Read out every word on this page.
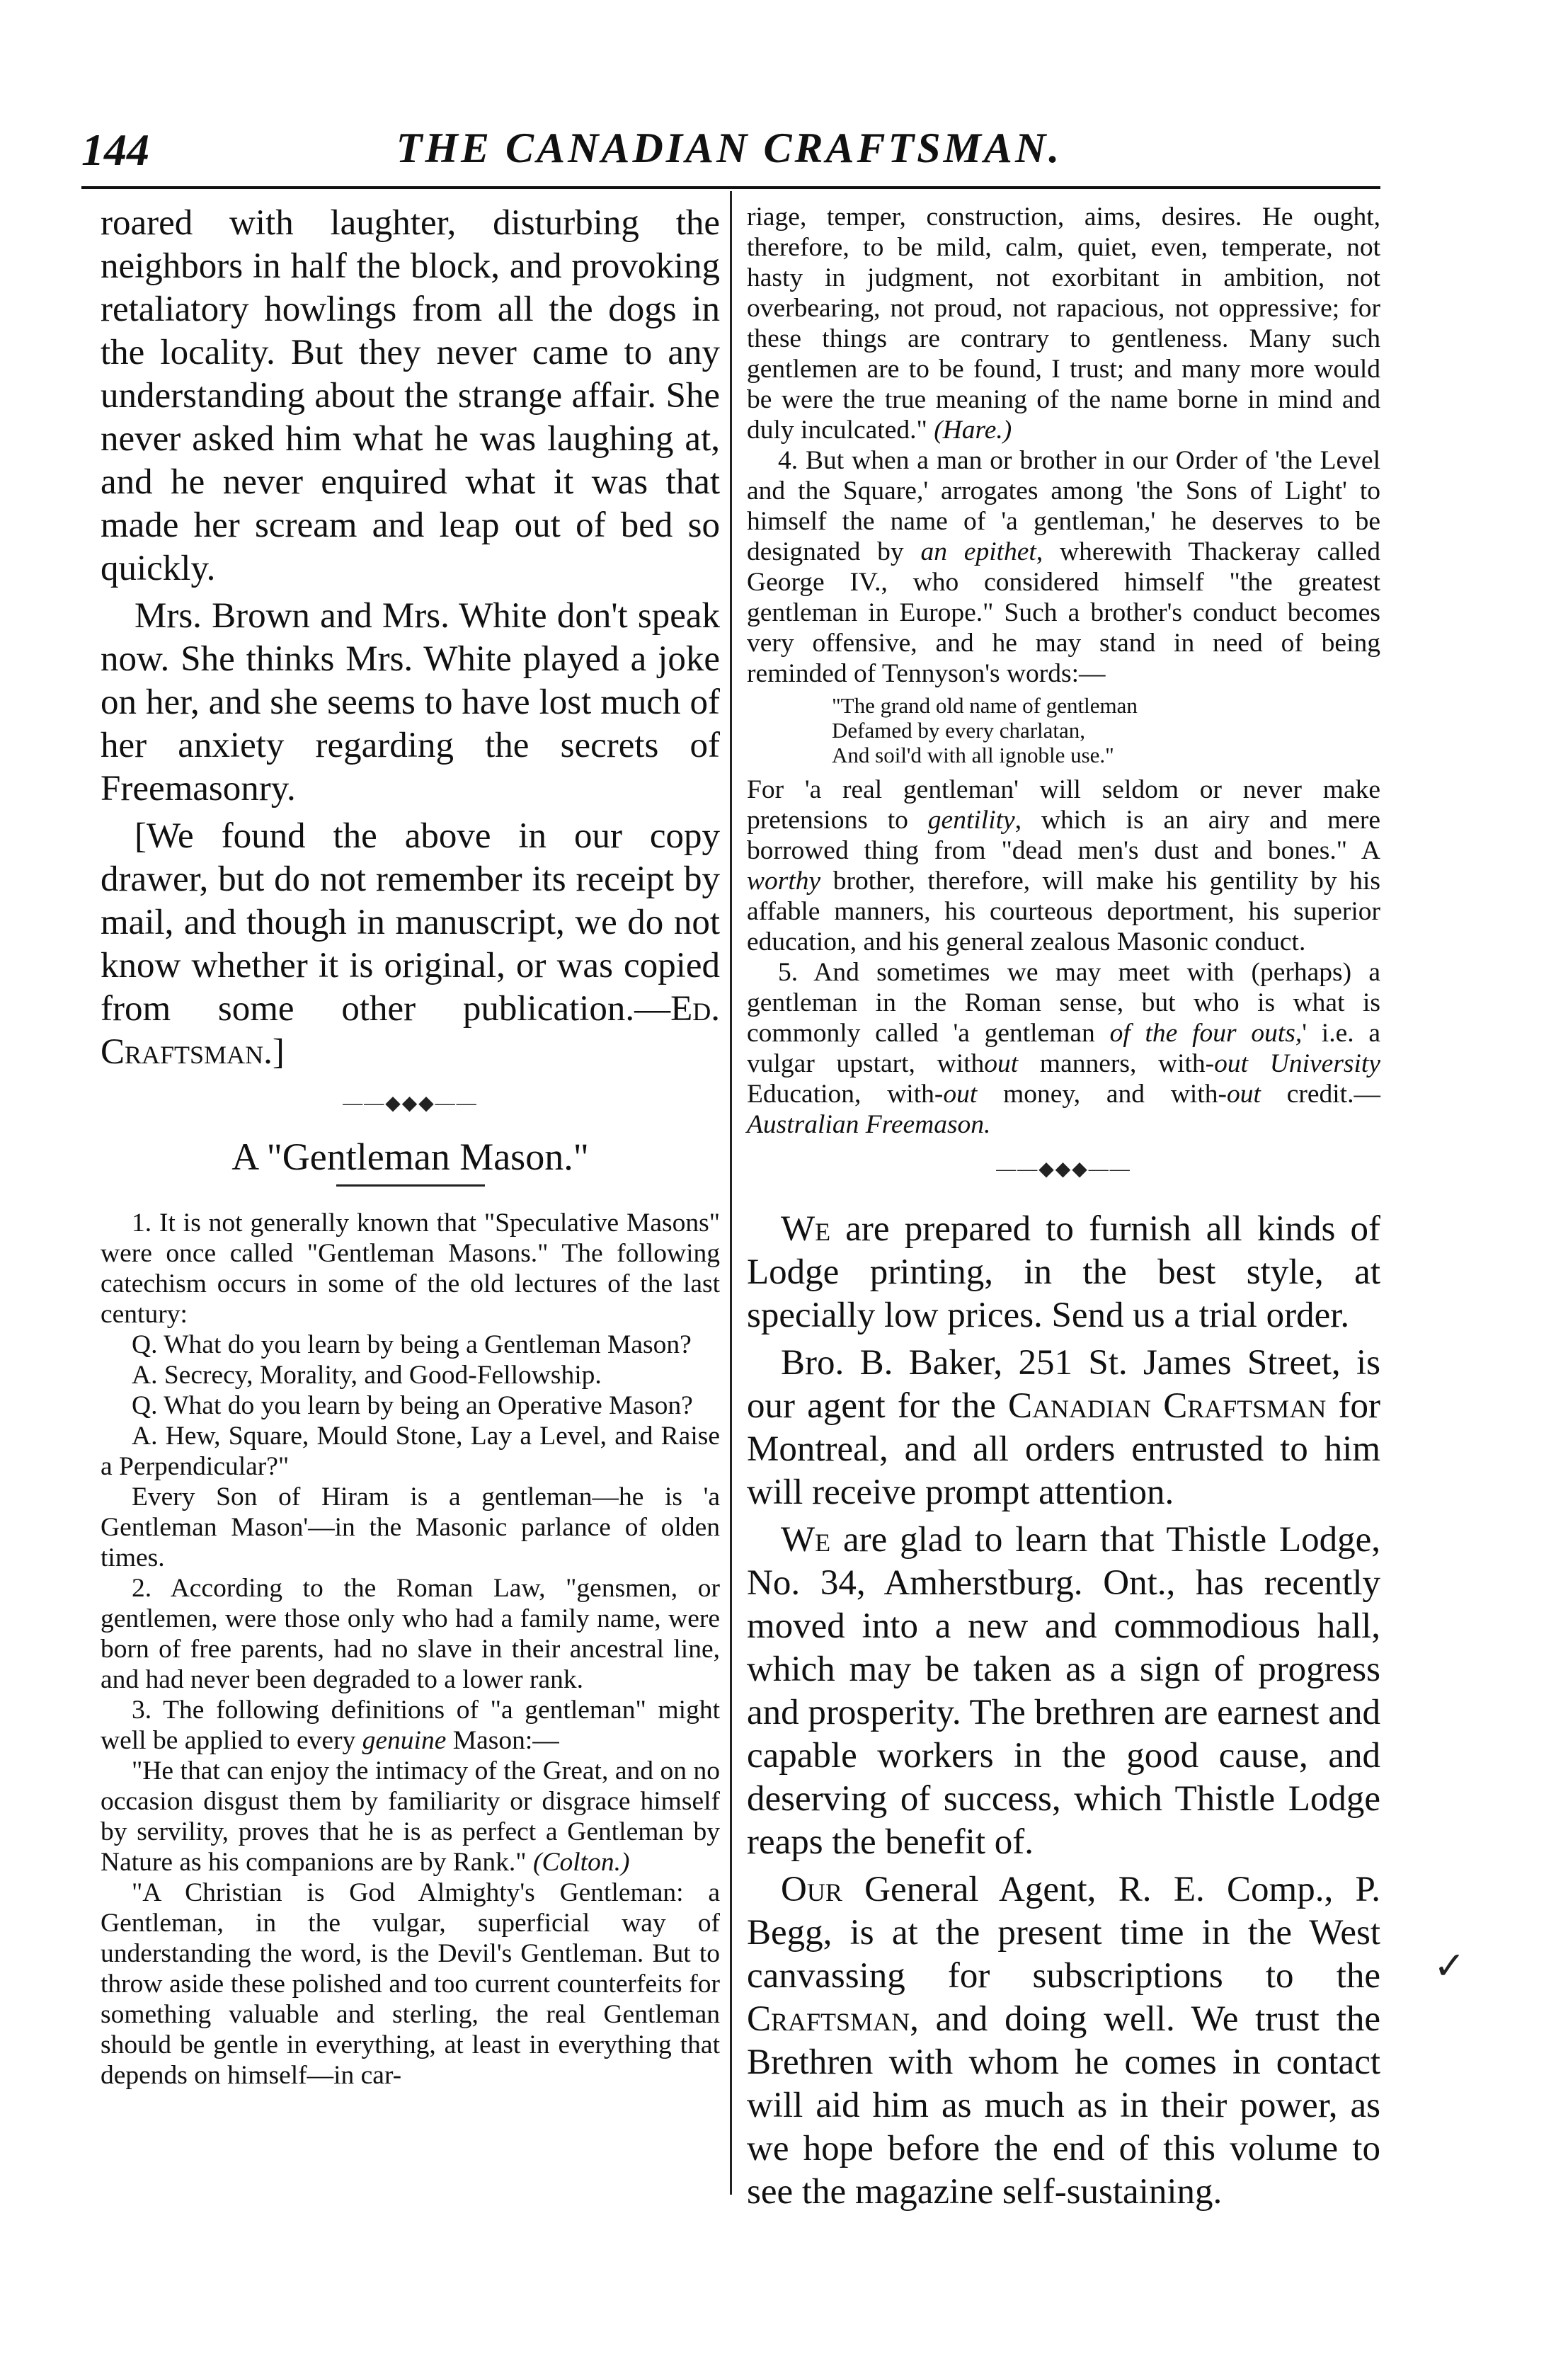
144	THE CANADIAN CRAFTSMAN.

roared with laughter, disturbing the neighbors in half the block, and provoking retaliatory howlings from all the dogs in the locality. But they never came to any understanding about the strange affair. She never asked him what he was laughing at, and he never enquired what it was that made her scream and leap out of bed so quickly.

Mrs. Brown and Mrs. White don't speak now. She thinks Mrs. White played a joke on her, and she seems to have lost much of her anxiety regarding the secrets of Freemasonry.

[We found the above in our copy drawer, but do not remember its receipt by mail, and though in manuscript, we do not know whether it is original, or was copied from some other publication.—Ed. Craftsman.]

——◆◆◆——
A "Gentleman Mason."

1. It is not generally known that "Speculative Masons" were once called "Gentleman Masons." The following catechism occurs in some of the old lectures of the last century:

Q. What do you learn by being a Gentleman Mason?

A. Secrecy, Morality, and Good-Fellowship.

Q. What do you learn by being an Operative Mason?

A. Hew, Square, Mould Stone, Lay a Level, and Raise a Perpendicular?"

Every Son of Hiram is a gentleman—he is 'a Gentleman Mason'—in the Masonic parlance of olden times.

2. According to the Roman Law, "gensmen, or gentlemen, were those only who had a family name, were born of free parents, had no slave in their ancestral line, and had never been degraded to a lower rank.

3. The following definitions of "a gentleman" might well be applied to every genuine Mason:—

"He that can enjoy the intimacy of the Great, and on no occasion disgust them by familiarity or disgrace himself by servility, proves that he is as perfect a Gentleman by Nature as his companions are by Rank." (Colton.)

"A Christian is God Almighty's Gentleman: a Gentleman, in the vulgar, superficial way of understanding the word, is the Devil's Gentleman. But to throw aside these polished and too current counterfeits for something valuable and sterling, the real Gentleman should be gentle in everything, at least in everything that depends on himself—in car-

riage, temper, construction, aims, desires. He ought, therefore, to be mild, calm, quiet, even, temperate, not hasty in judgment, not exorbitant in ambition, not overbearing, not proud, not rapacious, not oppressive; for these things are contrary to gentleness. Many such gentlemen are to be found, I trust; and many more would be were the true meaning of the name borne in mind and duly inculcated." (Hare.)

4. But when a man or brother in our Order of 'the Level and the Square,' arrogates among 'the Sons of Light' to himself the name of 'a gentleman,' he deserves to be designated by an epithet, wherewith Thackeray called George IV., who considered himself "the greatest gentleman in Europe." Such a brother's conduct becomes very offensive, and he may stand in need of being reminded of Tennyson's words:—

"The grand old name of gentleman
Defamed by every charlatan,
And soil'd with all ignoble use."

For 'a real gentleman' will seldom or never make pretensions to gentility, which is an airy and mere borrowed thing from "dead men's dust and bones." A worthy brother, therefore, will make his gentility by his affable manners, his courteous deportment, his superior education, and his general zealous Masonic conduct.

5. And sometimes we may meet with (perhaps) a gentleman in the Roman sense, but who is what is commonly called 'a gentleman of the four outs,' i.e. a vulgar upstart, without manners, with-out University Education, with-out money, and with-out credit.—Australian Freemason.

——◆◆◆——

We are prepared to furnish all kinds of Lodge printing, in the best style, at specially low prices. Send us a trial order.

Bro. B. Baker, 251 St. James Street, is our agent for the Canadian Craftsman for Montreal, and all orders entrusted to him will receive prompt attention.

We are glad to learn that Thistle Lodge, No. 34, Amherstburg. Ont., has recently moved into a new and commodious hall, which may be taken as a sign of progress and prosperity. The brethren are earnest and capable workers in the good cause, and deserving of success, which Thistle Lodge reaps the benefit of.

Our General Agent, R. E. Comp., P. Begg, is at the present time in the West canvassing for subscriptions to the Craftsman, and doing well. We trust the Brethren with whom he comes in contact will aid him as much as in their power, as we hope before the end of this volume to see the magazine self-sustaining.

✓
